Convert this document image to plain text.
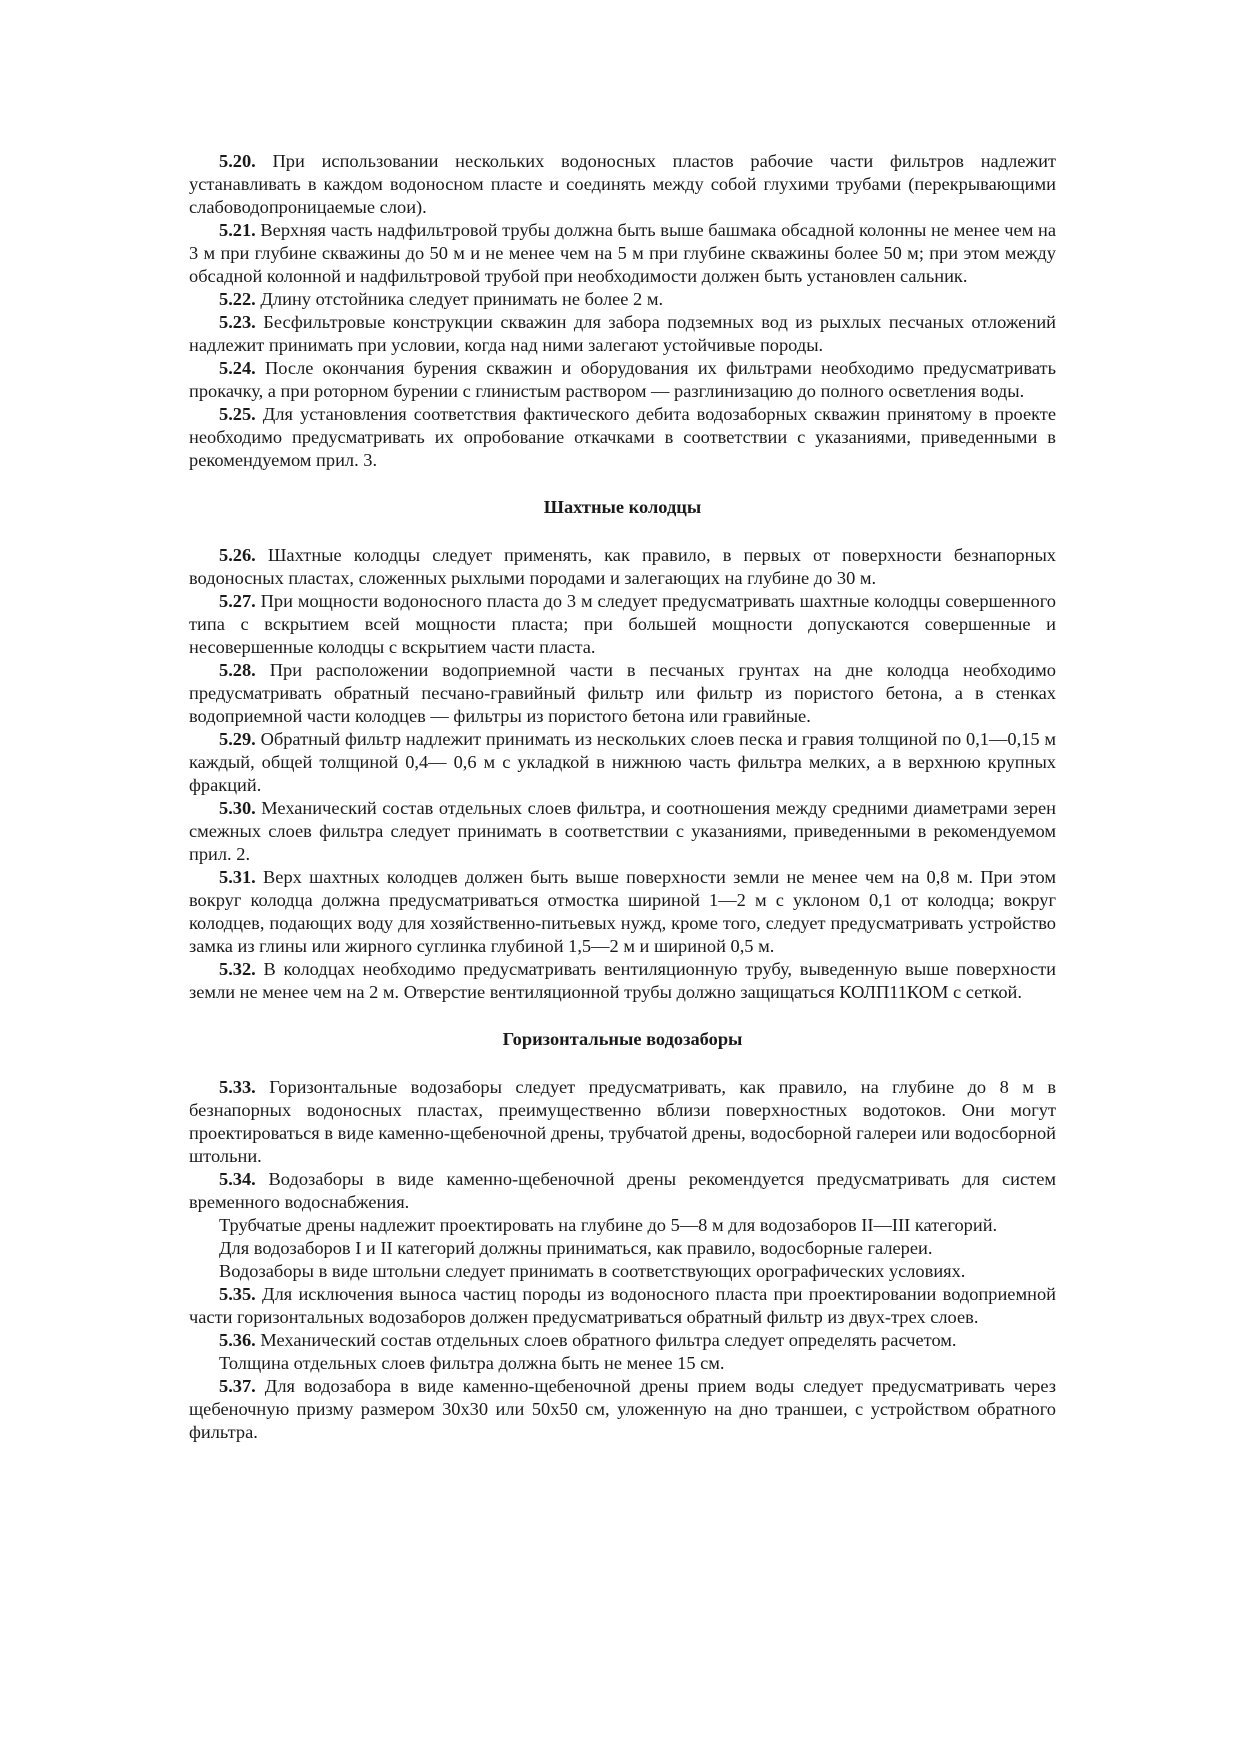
5.20. При использовании нескольких водоносных пластов рабочие части фильтров надлежит устанавливать в каждом водоносном пласте и соединять между собой глухими трубами (перекрывающими слабоводопроницаемые слои).

5.21. Верхняя часть надфильтровой трубы должна быть выше башмака обсадной колонны не менее чем на 3 м при глубине скважины до 50 м и не менее чем на 5 м при глубине скважины более 50 м; при этом между обсадной колонной и надфильтровой трубой при необходимости должен быть установлен сальник.

5.22. Длину отстойника следует принимать не более 2 м.

5.23. Бесфильтровые конструкции скважин для забора подземных вод из рыхлых песчаных отложений надлежит принимать при условии, когда над ними залегают устойчивые породы.

5.24. После окончания бурения скважин и оборудования их фильтрами необходимо предусматривать прокачку, а при роторном бурении с глинистым раствором — разглинизацию до полного осветления воды.

5.25. Для установления соответствия фактического дебита водозаборных скважин принятому в проекте необходимо предусматривать их опробование откачками в соответствии с указаниями, приведенными в рекомендуемом прил. 3.

Шахтные колодцы

5.26. Шахтные колодцы следует применять, как правило, в первых от поверхности безнапорных водоносных пластах, сложенных рыхлыми породами и залегающих на глубине до 30 м.

5.27. При мощности водоносного пласта до 3 м следует предусматривать шахтные колодцы совершенного типа с вскрытием всей мощности пласта; при большей мощности допускаются совершенные и несовершенные колодцы с вскрытием части пласта.

5.28. При расположении водоприемной части в песчаных грунтах на дне колодца необходимо предусматривать обратный песчано-гравийный фильтр или фильтр из пористого бетона, а в стенках водоприемной части колодцев — фильтры из пористого бетона или гравийные.

5.29. Обратный фильтр надлежит принимать из нескольких слоев песка и гравия толщиной по 0,1—0,15 м каждый, общей толщиной 0,4— 0,6 м с укладкой в нижнюю часть фильтра мелких, а в верхнюю крупных фракций.

5.30. Механический состав отдельных слоев фильтра, и соотношения между средними диаметрами зерен смежных слоев фильтра следует принимать в соответствии с указаниями, приведенными в рекомендуемом прил. 2.

5.31. Верх шахтных колодцев должен быть выше поверхности земли не менее чем на 0,8 м. При этом вокруг колодца должна предусматриваться отмостка шириной 1—2 м с уклоном 0,1 от колодца; вокруг колодцев, подающих воду для хозяйственно-питьевых нужд, кроме того, следует предусматривать устройство замка из глины или жирного суглинка глубиной 1,5—2 м и шириной 0,5 м.

5.32. В колодцах необходимо предусматривать вентиляционную трубу, выведенную выше поверхности земли не менее чем на 2 м. Отверстие вентиляционной трубы должно защищаться КОЛП11КОМ с сеткой.

Горизонтальные водозаборы

5.33. Горизонтальные водозаборы следует предусматривать, как правило, на глубине до 8 м в безнапорных водоносных пластах, преимущественно вблизи поверхностных водотоков. Они могут проектироваться в виде каменно-щебеночной дрены, трубчатой дрены, водосборной галереи или водосборной штольни.

5.34. Водозаборы в виде каменно-щебеночной дрены рекомендуется предусматривать для систем временного водоснабжения.

Трубчатые дрены надлежит проектировать на глубине до 5—8 м для водозаборов II—III категорий.

Для водозаборов I и II категорий должны приниматься, как правило, водосборные галереи.

Водозаборы в виде штольни следует принимать в соответствующих орографических условиях.

5.35. Для исключения выноса частиц породы из водоносного пласта при проектировании водоприемной части горизонтальных водозаборов должен предусматриваться обратный фильтр из двух-трех слоев.

5.36. Механический состав отдельных слоев обратного фильтра следует определять расчетом.

Толщина отдельных слоев фильтра должна быть не менее 15 см.

5.37. Для водозабора в виде каменно-щебеночной дрены прием воды следует предусматривать через щебеночную призму размером 30x30 или 50x50 см, уложенную на дно траншеи, с устройством обратного фильтра.
